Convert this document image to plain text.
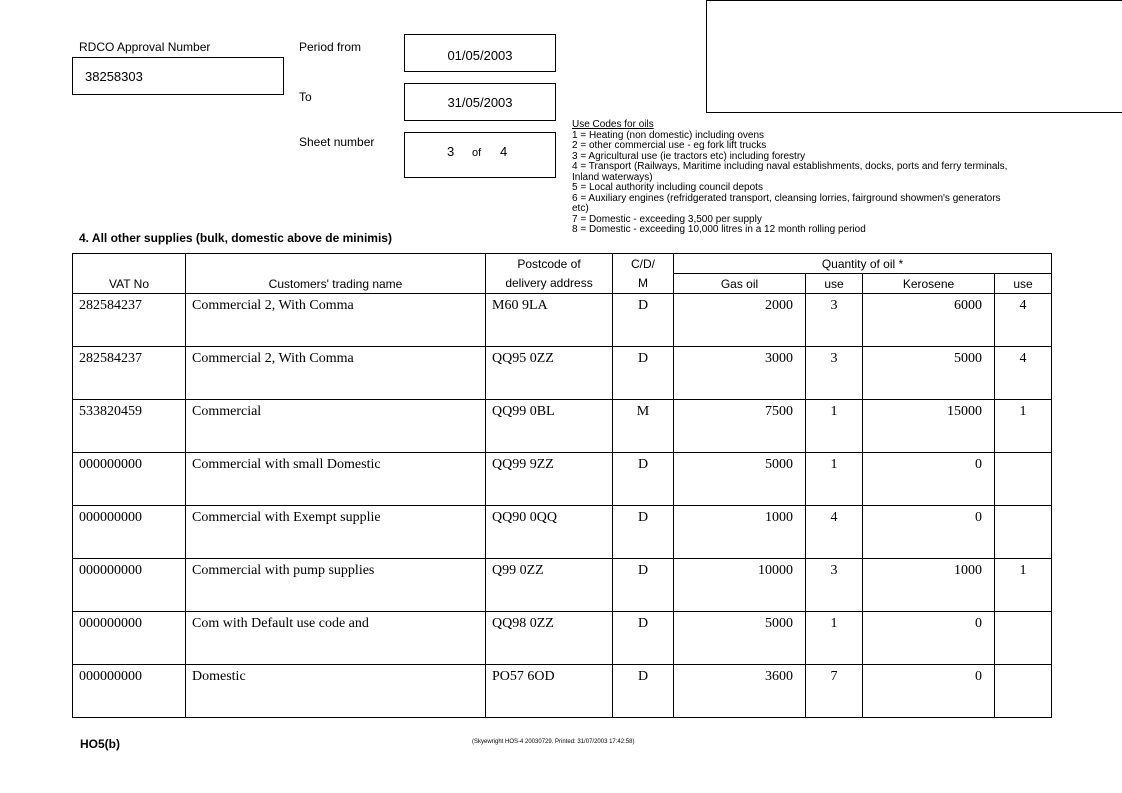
RDCO Approval Number
38258303
Period from
01/05/2003
To	31/05/2003
Sheet number
3 of 4
Use Codes for oils
1 = Heating (non domestic) including ovens
2 = other commercial use - eg fork lift trucks
3 = Agricultural use (ie tractors etc) including forestry
4 = Transport (Railways, Maritime including naval establishments, docks, ports and ferry terminals, Inland waterways)
5 = Local authority including council depots
6 = Auxiliary engines (refridgerated transport, cleansing lorries, fairground showmen's generators etc)
7 = Domestic - exceeding 3,500 per supply
8 = Domestic - exceeding 10,000 litres in a 12 month rolling period
4. All other supplies (bulk, domestic above de minimis)
VAT No	Customers' trading name	Postcode of	C/D/	Quantity of oil *			
		delivery address	M	Gas oil	use	Kerosene	use
282584237	Commercial 2, With Comma	M60 9LA	D	2000	3	6000	4
282584237	Commercial 2, With Comma	QQ95 0ZZ	D	3000	3	5000	4
533820459	Commercial	QQ99 0BL	M	7500	1	15000	1
000000000	Commercial with small Domestic	QQ99 9ZZ	D	5000	1	0	
000000000	Commercial with Exempt supplie	QQ90 0QQ	D	1000	4	0	
000000000	Commercial with pump supplies	Q99 0ZZ	D	10000	3	1000	1
000000000	Com with Default use code and	QQ98 0ZZ	D	5000	1	0	
000000000	Domestic	PO57 6OD	D	3600	7	0	
HO5(b)	(Skyewright HOS-4 20030729. Printed: 31/07/2003 17:42:58)
